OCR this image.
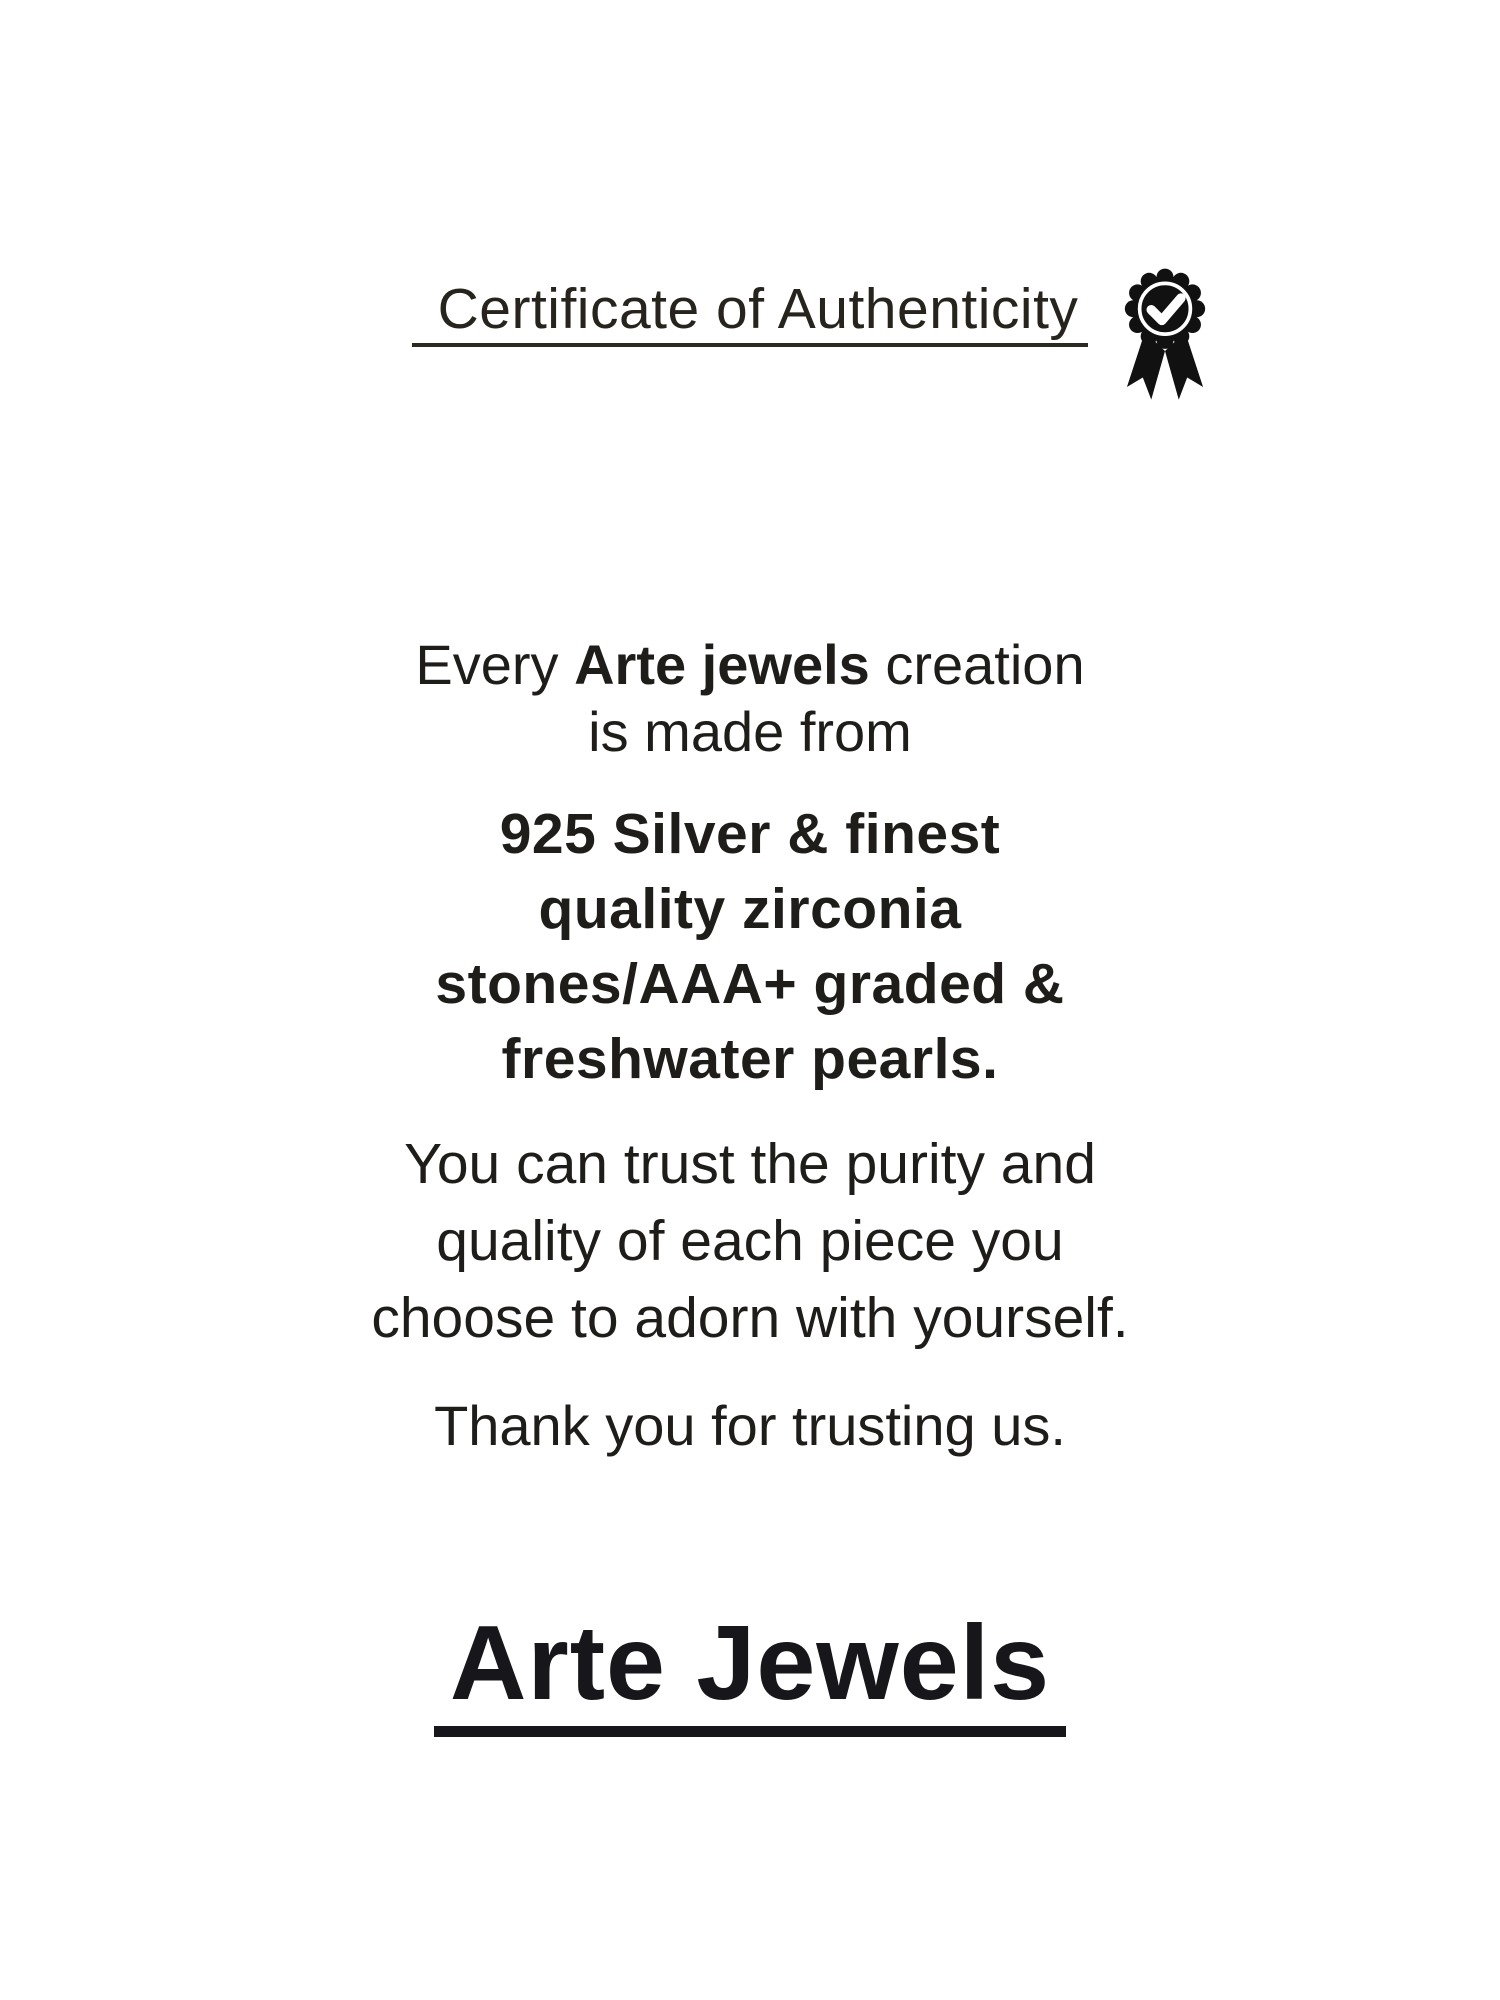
Certificate of Authenticity
Every Arte jewels creation
is made from
925 Silver & finest
quality zirconia
stones/AAA+ graded &
freshwater pearls.
You can trust the purity and
quality of each piece you
choose to adorn with yourself.
Thank you for trusting us.
Arte Jewels
